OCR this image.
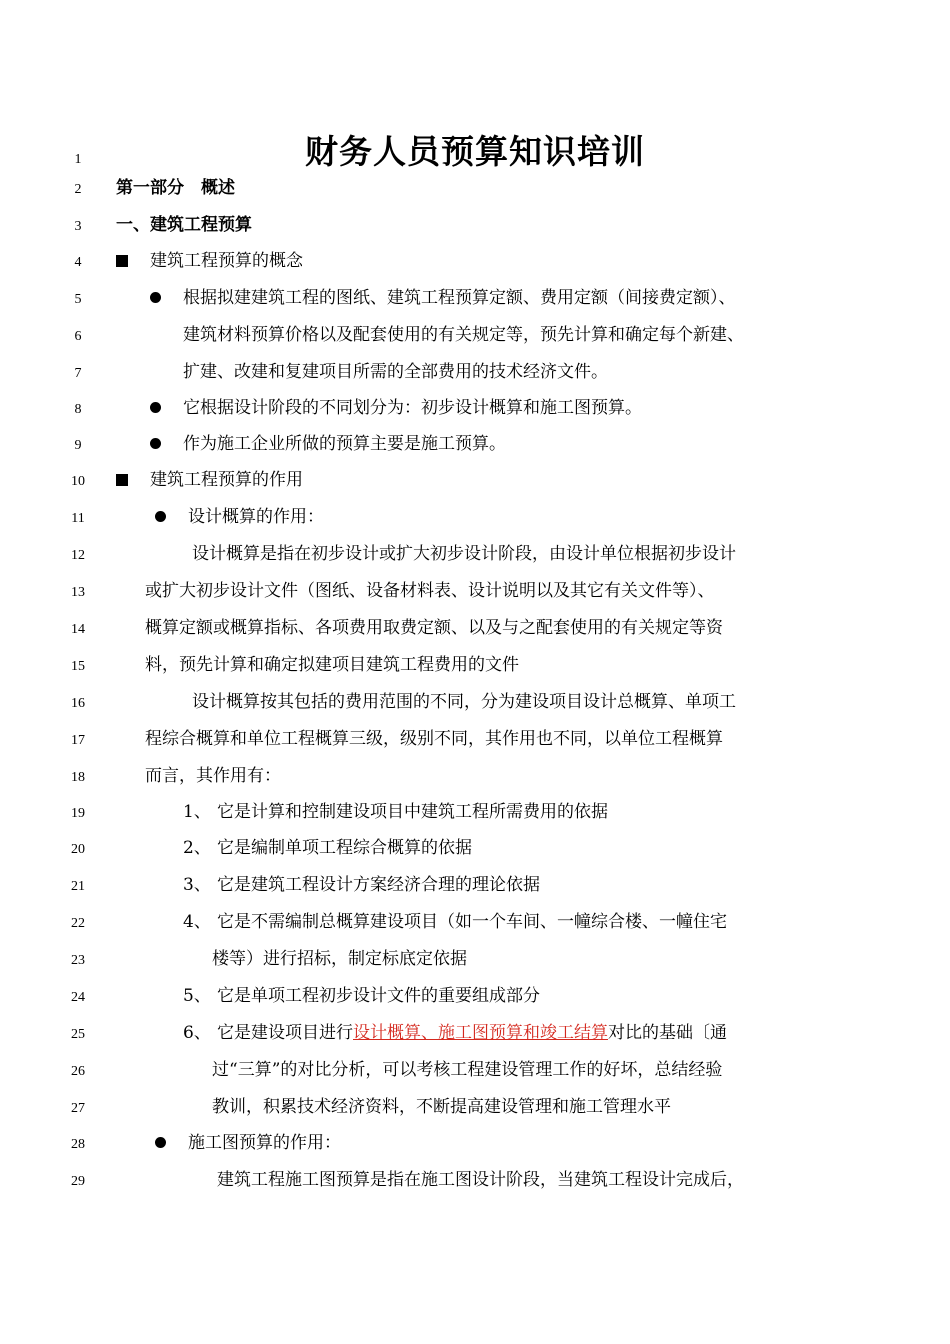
财务人员预算知识培训
1
2
3
4
5
6
7
8
9
10
11
12
13
14
15
16
17
18
19
20
21
22
23
24
25
26
27
28
29
第一部分　概述
一、建筑工程预算
建筑工程预算的概念
根据拟建建筑工程的图纸、建筑工程预算定额、费用定额（间接费定额）、
建筑材料预算价格以及配套使用的有关规定等，预先计算和确定每个新建、
扩建、改建和复建项目所需的全部费用的技术经济文件。
它根据设计阶段的不同划分为：初步设计概算和施工图预算。
作为施工企业所做的预算主要是施工预算。
建筑工程预算的作用
设计概算的作用：
设计概算是指在初步设计或扩大初步设计阶段，由设计单位根据初步设计
或扩大初步设计文件（图纸、设备材料表、设计说明以及其它有关文件等）、
概算定额或概算指标、各项费用取费定额、以及与之配套使用的有关规定等资
料，预先计算和确定拟建项目建筑工程费用的文件
设计概算按其包括的费用范围的不同，分为建设项目设计总概算、单项工
程综合概算和单位工程概算三级，级别不同，其作用也不同，以单位工程概算
而言，其作用有：
1、 它是计算和控制建设项目中建筑工程所需费用的依据
2、 它是编制单项工程综合概算的依据
3、 它是建筑工程设计方案经济合理的理论依据
4、 它是不需编制总概算建设项目（如一个车间、一幢综合楼、一幢住宅
楼等）进行招标，制定标底定依据
5、 它是单项工程初步设计文件的重要组成部分
6、 它是建设项目进行设计概算、施工图预算和竣工结算对比的基础〔通
过“三算”的对比分析，可以考核工程建设管理工作的好坏，总结经验
教训，积累技术经济资料，不断提高建设管理和施工管理水平
施工图预算的作用：
建筑工程施工图预算是指在施工图设计阶段，当建筑工程设计完成后，
